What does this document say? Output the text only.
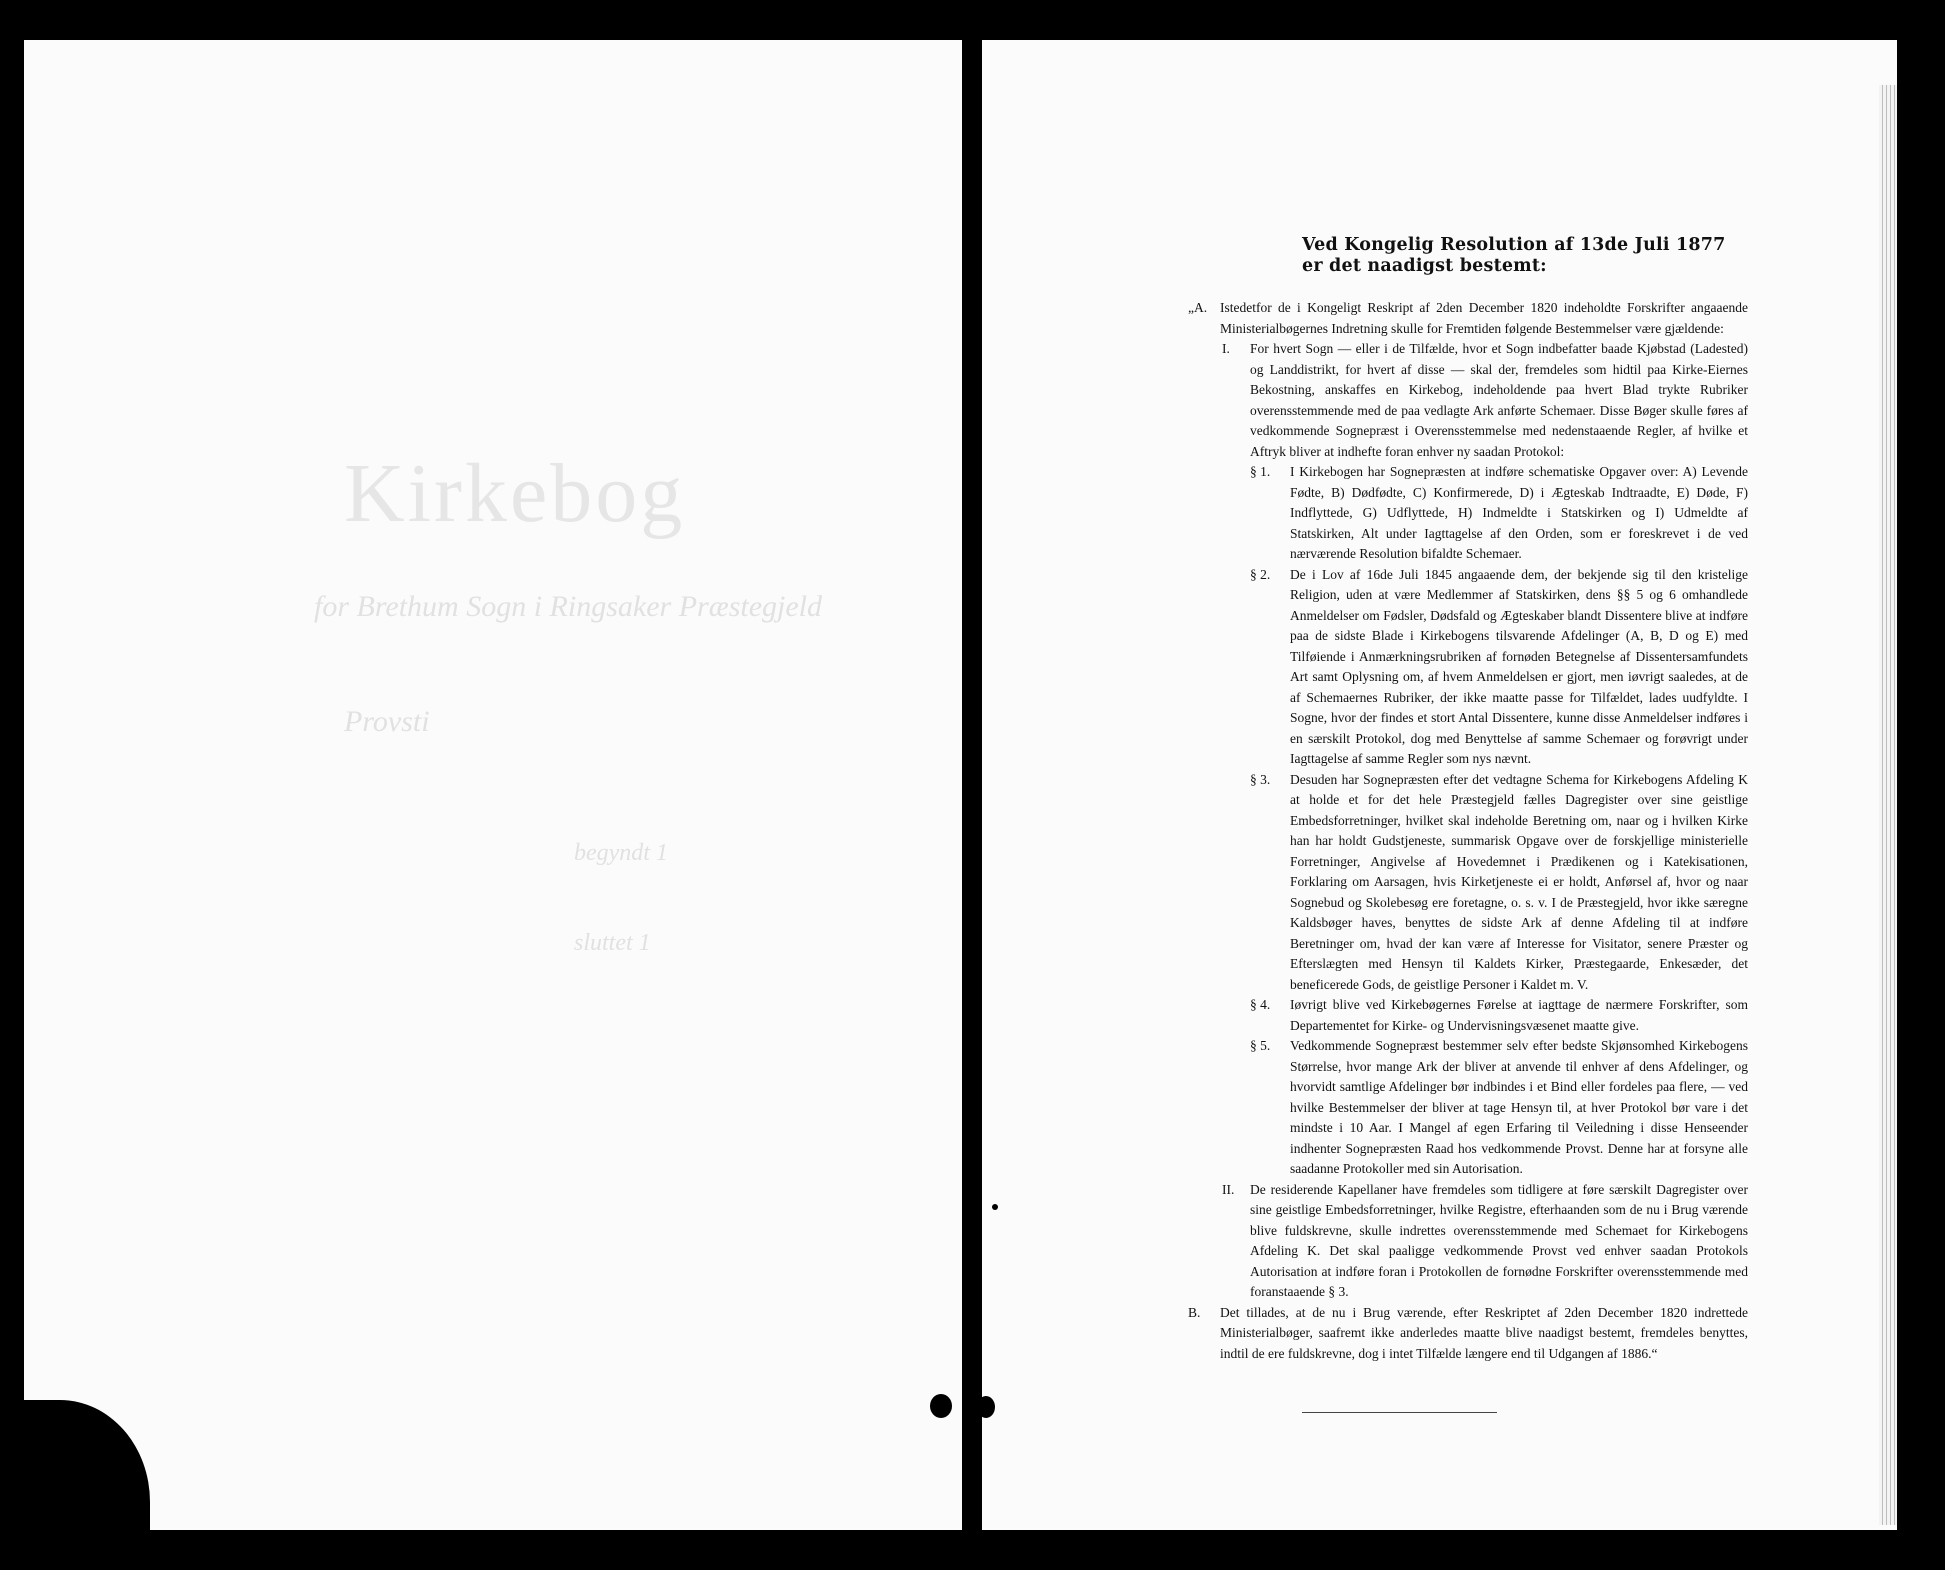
Kirkebog

for Brethum Sogn i Ringsaker Præstegjeld

Provsti

begyndt 1

sluttet 1

Ved Kongelig Resolution af 13de Juli 1877 er det naadigst bestemt:

„A. Istedetfor de i Kongeligt Reskript af 2den December 1820 indeholdte Forskrifter angaaende Ministerialbøgernes Indretning skulle for Fremtiden følgende Bestemmelser være gjældende:

I. For hvert Sogn — eller i de Tilfælde, hvor et Sogn indbefatter baade Kjøbstad (Ladested) og Landdistrikt, for hvert af disse — skal der, fremdeles som hidtil paa Kirke-Eiernes Bekostning, anskaffes en Kirkebog, indeholdende paa hvert Blad trykte Rubriker overensstemmende med de paa vedlagte Ark anførte Schemaer. Disse Bøger skulle føres af vedkommende Sognepræst i Overensstemmelse med nedenstaaende Regler, af hvilke et Aftryk bliver at indhefte foran enhver ny saadan Protokol:

§ 1. I Kirkebogen har Sognepræsten at indføre schematiske Opgaver over: A) Levende Fødte, B) Dødfødte, C) Konfirmerede, D) i Ægteskab Indtraadte, E) Døde, F) Indflyttede, G) Udflyttede, H) Indmeldte i Statskirken og I) Udmeldte af Statskirken, Alt under Iagttagelse af den Orden, som er foreskrevet i de ved nærværende Resolution bifaldte Schemaer.

§ 2. De i Lov af 16de Juli 1845 angaaende dem, der bekjende sig til den kristelige Religion, uden at være Medlemmer af Statskirken, dens §§ 5 og 6 omhandlede Anmeldelser om Fødsler, Dødsfald og Ægteskaber blandt Dissentere blive at indføre paa de sidste Blade i Kirkebogens tilsvarende Afdelinger (A, B, D og E) med Tilføiende i Anmærkningsrubriken af fornøden Betegnelse af Dissentersamfundets Art samt Oplysning om, af hvem Anmeldelsen er gjort, men iøvrigt saaledes, at de af Schemaernes Rubriker, der ikke maatte passe for Tilfældet, lades uudfyldte. I Sogne, hvor der findes et stort Antal Dissentere, kunne disse Anmeldelser indføres i en særskilt Protokol, dog med Benyttelse af samme Schemaer og forøvrigt under Iagttagelse af samme Regler som nys nævnt.

§ 3. Desuden har Sognepræsten efter det vedtagne Schema for Kirkebogens Afdeling K at holde et for det hele Præstegjeld fælles Dagregister over sine geistlige Embedsforretninger, hvilket skal indeholde Beretning om, naar og i hvilken Kirke han har holdt Gudstjeneste, summarisk Opgave over de forskjellige ministerielle Forretninger, Angivelse af Hovedemnet i Prædikenen og i Katekisationen, Forklaring om Aarsagen, hvis Kirketjeneste ei er holdt, Anførsel af, hvor og naar Sognebud og Skolebesøg ere foretagne, o. s. v. I de Præstegjeld, hvor ikke særegne Kaldsbøger haves, benyttes de sidste Ark af denne Afdeling til at indføre Beretninger om, hvad der kan være af Interesse for Visitator, senere Præster og Efterslægten med Hensyn til Kaldets Kirker, Præstegaarde, Enkesæder, det beneficerede Gods, de geistlige Personer i Kaldet m. V.

§ 4. Iøvrigt blive ved Kirkebøgernes Førelse at iagttage de nærmere Forskrifter, som Departementet for Kirke- og Undervisningsvæsenet maatte give.

§ 5. Vedkommende Sognepræst bestemmer selv efter bedste Skjønsomhed Kirkebogens Størrelse, hvor mange Ark der bliver at anvende til enhver af dens Afdelinger, og hvorvidt samtlige Afdelinger bør indbindes i et Bind eller fordeles paa flere, — ved hvilke Bestemmelser der bliver at tage Hensyn til, at hver Protokol bør vare i det mindste i 10 Aar. I Mangel af egen Erfaring til Veiledning i disse Henseender indhenter Sognepræsten Raad hos vedkommende Provst. Denne har at forsyne alle saadanne Protokoller med sin Autorisation.

II. De residerende Kapellaner have fremdeles som tidligere at føre særskilt Dagregister over sine geistlige Embedsforretninger, hvilke Registre, efterhaanden som de nu i Brug værende blive fuldskrevne, skulle indrettes overensstemmende med Schemaet for Kirkebogens Afdeling K. Det skal paaligge vedkommende Provst ved enhver saadan Protokols Autorisation at indføre foran i Protokollen de fornødne Forskrifter overensstemmende med foranstaaende § 3.

B. Det tillades, at de nu i Brug værende, efter Reskriptet af 2den December 1820 indrettede Ministerialbøger, saafremt ikke anderledes maatte blive naadigst bestemt, fremdeles benyttes, indtil de ere fuldskrevne, dog i intet Tilfælde længere end til Udgangen af 1886.“
